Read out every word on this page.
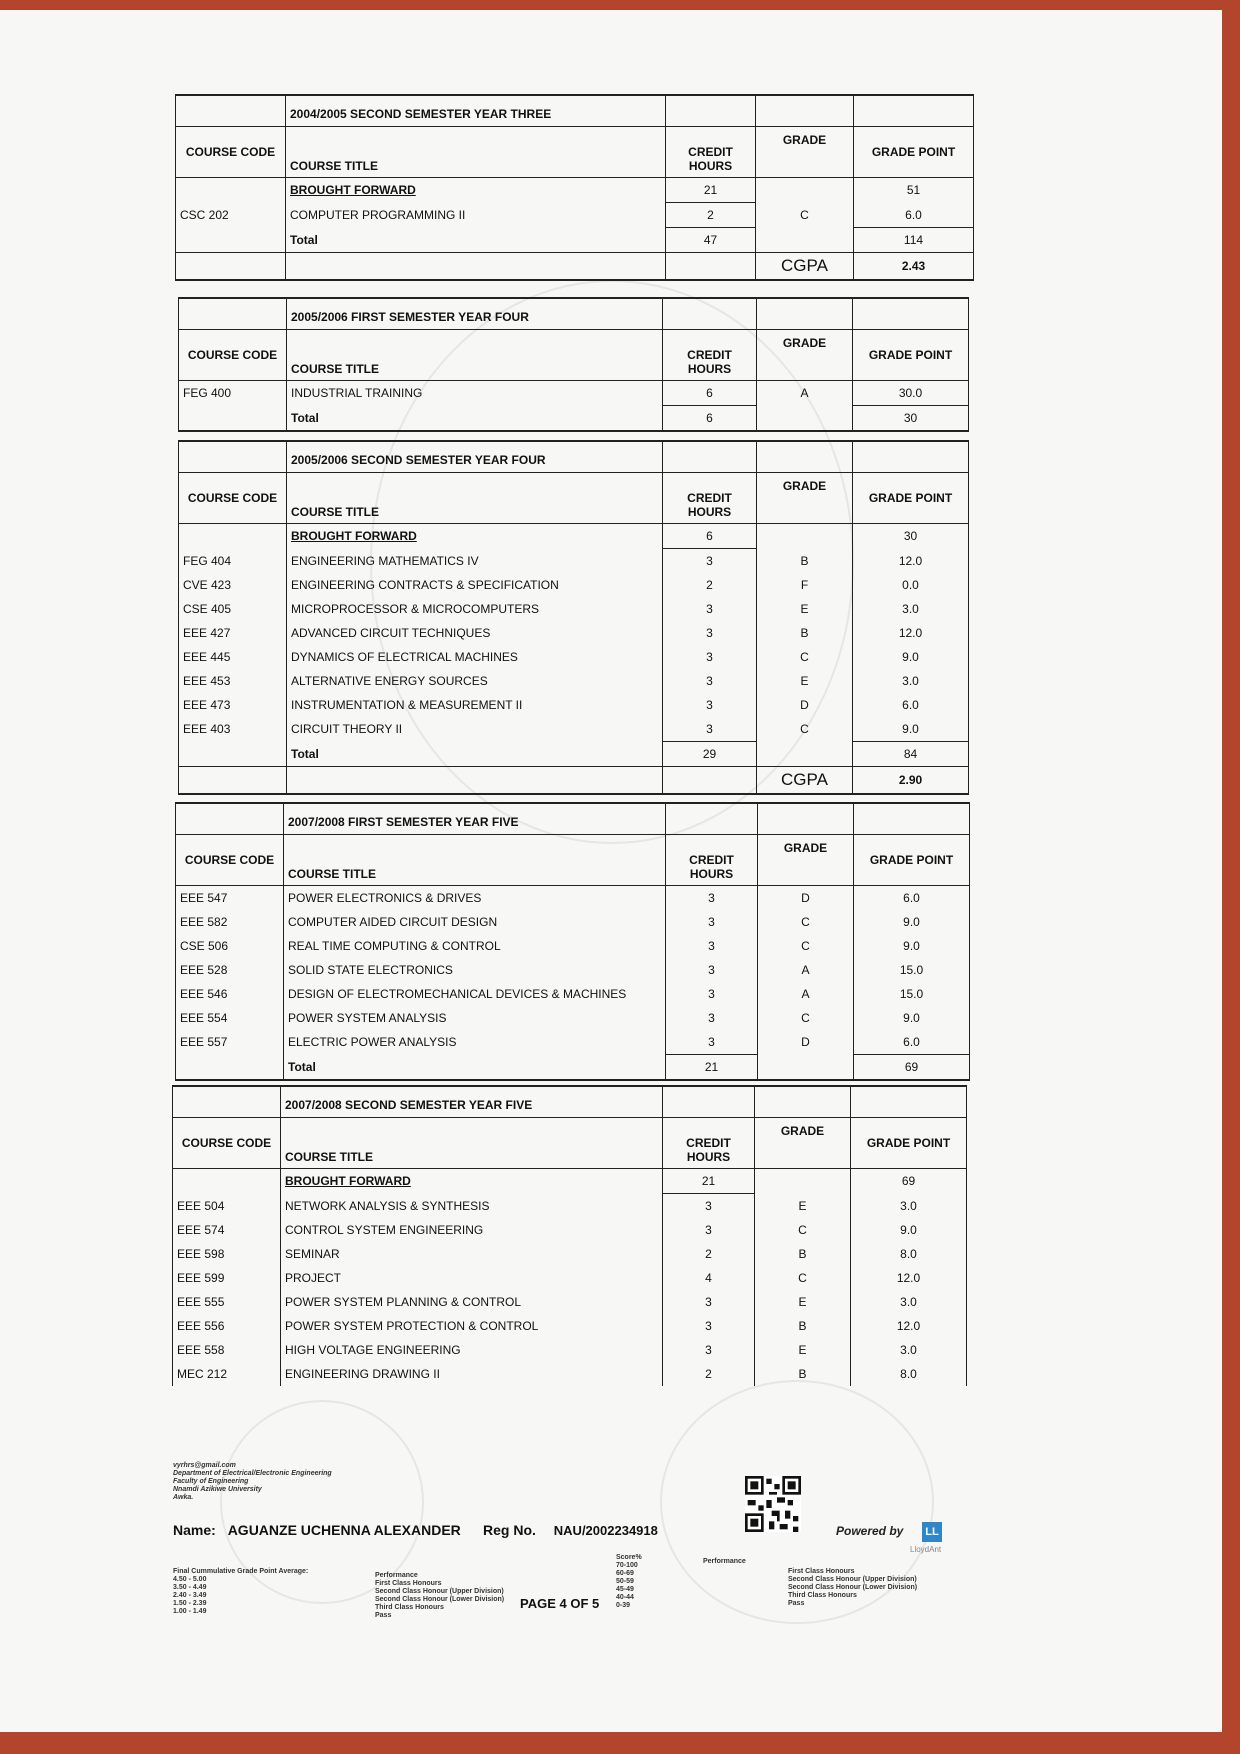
	2004/2005 SECOND SEMESTER YEAR THREE			
COURSE CODE	COURSE TITLE	CREDIT HOURS	GRADE	GRADE POINT
	BROUGHT FORWARD	21		51
CSC 202	COMPUTER PROGRAMMING II	2	C	6.0
	Total	47		114
			CGPA	2.43
	2005/2006 FIRST SEMESTER YEAR FOUR			
COURSE CODE	COURSE TITLE	CREDIT HOURS	GRADE	GRADE POINT
FEG 400	INDUSTRIAL TRAINING	6	A	30.0
	Total	6		30
	2005/2006 SECOND SEMESTER YEAR FOUR			
COURSE CODE	COURSE TITLE	CREDIT HOURS	GRADE	GRADE POINT
	BROUGHT FORWARD	6		30
FEG 404	ENGINEERING MATHEMATICS IV	3	B	12.0
CVE 423	ENGINEERING CONTRACTS & SPECIFICATION	2	F	0.0
CSE 405	MICROPROCESSOR & MICROCOMPUTERS	3	E	3.0
EEE 427	ADVANCED CIRCUIT TECHNIQUES	3	B	12.0
EEE 445	DYNAMICS OF ELECTRICAL MACHINES	3	C	9.0
EEE 453	ALTERNATIVE ENERGY SOURCES	3	E	3.0
EEE 473	INSTRUMENTATION & MEASUREMENT II	3	D	6.0
EEE 403	CIRCUIT THEORY II	3	C	9.0
	Total	29		84
			CGPA	2.90
	2007/2008 FIRST SEMESTER YEAR FIVE			
COURSE CODE	COURSE TITLE	CREDIT HOURS	GRADE	GRADE POINT
EEE 547	POWER ELECTRONICS & DRIVES	3	D	6.0
EEE 582	COMPUTER AIDED CIRCUIT DESIGN	3	C	9.0
CSE 506	REAL TIME COMPUTING & CONTROL	3	C	9.0
EEE 528	SOLID STATE ELECTRONICS	3	A	15.0
EEE 546	DESIGN OF ELECTROMECHANICAL DEVICES & MACHINES	3	A	15.0
EEE 554	POWER SYSTEM ANALYSIS	3	C	9.0
EEE 557	ELECTRIC POWER ANALYSIS	3	D	6.0
	Total	21		69
	2007/2008 SECOND SEMESTER YEAR FIVE			
COURSE CODE	COURSE TITLE	CREDIT HOURS	GRADE	GRADE POINT
	BROUGHT FORWARD	21		69
EEE 504	NETWORK ANALYSIS & SYNTHESIS	3	E	3.0
EEE 574	CONTROL SYSTEM ENGINEERING	3	C	9.0
EEE 598	SEMINAR	2	B	8.0
EEE 599	PROJECT	4	C	12.0
EEE 555	POWER SYSTEM PLANNING & CONTROL	3	E	3.0
EEE 556	POWER SYSTEM PROTECTION & CONTROL	3	B	12.0
EEE 558	HIGH VOLTAGE ENGINEERING	3	E	3.0
MEC 212	ENGINEERING DRAWING II	2	B	8.0
vyrhrs@gmail.com
Department of Electrical/Electronic Engineering
Faculty of Engineering
Nnamdi Azikiwe University
Awka.
Name: AGUANZE UCHENNA ALEXANDER Reg No. NAU/2002234918	Powered by LL
LloydAnt
Final Cummulative Grade Point Average:
4.50 - 5.00
3.50 - 4.49
2.40 - 3.49
1.50 - 2.39
1.00 - 1.49
Performance
First Class Honours
Second Class Honour (Upper Division)
Second Class Honour (Lower Division)
Third Class Honours
Pass
PAGE 4 OF 5
Score%
70-100
60-69
50-59
45-49
40-44
0-39
Performance
First Class Honours
Second Class Honour (Upper Division)
Second Class Honour (Lower Division)
Third Class Honours
Pass
